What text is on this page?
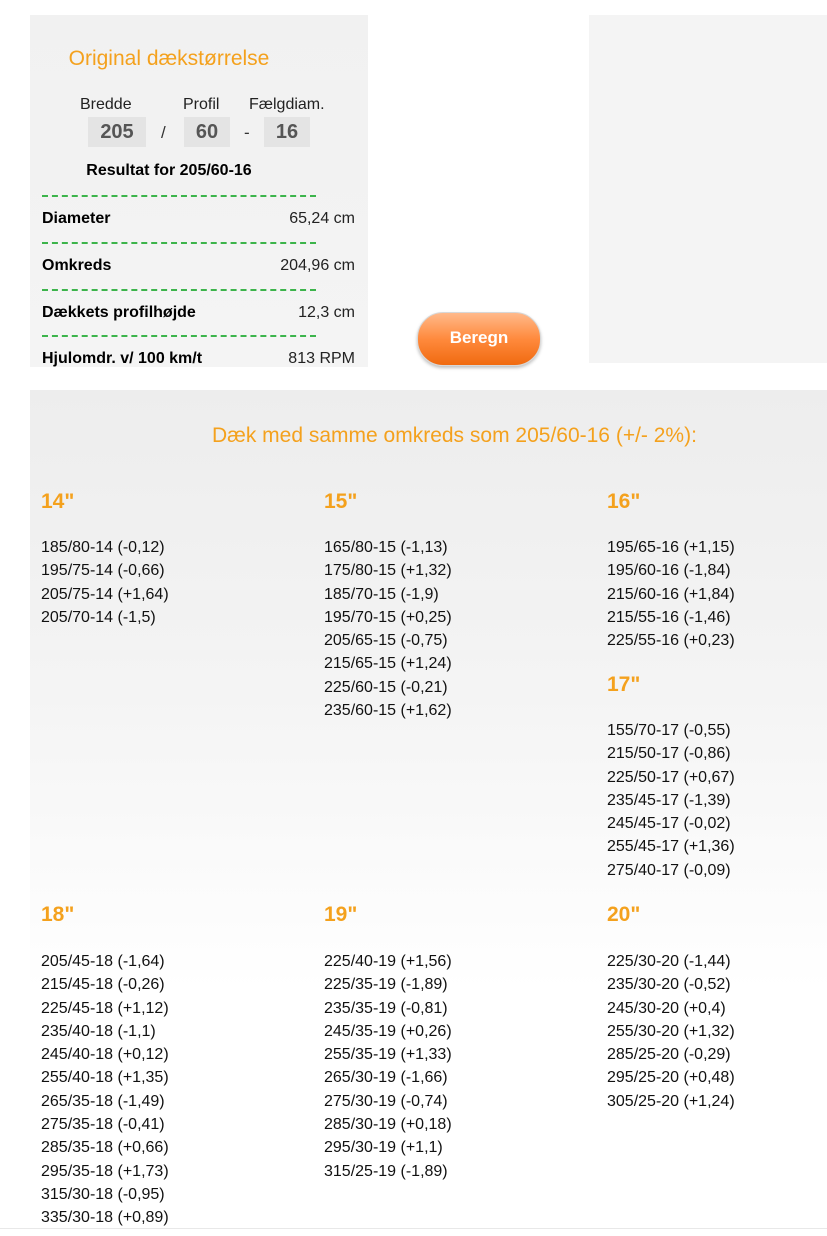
Original dækstørrelse
Bredde	Profil Fælgdiam.
205	/	60	-	16
Resultat for 205/60-16
Diameter	65,24 cm
Omkreds	204,96 cm
Dækkets profilhøjde	12,3 cm
Hjulomdr. v/ 100 km/t	813 RPM
Beregn
Dæk med samme omkreds som 205/60-16 (+/- 2%):
14"
185/80-14 (-0,12)
195/75-14 (-0,66)
205/75-14 (+1,64)
205/70-14 (-1,5)
15"
165/80-15 (-1,13)
175/80-15 (+1,32)
185/70-15 (-1,9)
195/70-15 (+0,25)
205/65-15 (-0,75)
215/65-15 (+1,24)
225/60-15 (-0,21)
235/60-15 (+1,62)
16"
195/65-16 (+1,15)
195/60-16 (-1,84)
215/60-16 (+1,84)
215/55-16 (-1,46)
225/55-16 (+0,23)
17"
155/70-17 (-0,55)
215/50-17 (-0,86)
225/50-17 (+0,67)
235/45-17 (-1,39)
245/45-17 (-0,02)
255/45-17 (+1,36)
275/40-17 (-0,09)
18"
205/45-18 (-1,64)
215/45-18 (-0,26)
225/45-18 (+1,12)
235/40-18 (-1,1)
245/40-18 (+0,12)
255/40-18 (+1,35)
265/35-18 (-1,49)
275/35-18 (-0,41)
285/35-18 (+0,66)
295/35-18 (+1,73)
315/30-18 (-0,95)
335/30-18 (+0,89)
19"
225/40-19 (+1,56)
225/35-19 (-1,89)
235/35-19 (-0,81)
245/35-19 (+0,26)
255/35-19 (+1,33)
265/30-19 (-1,66)
275/30-19 (-0,74)
285/30-19 (+0,18)
295/30-19 (+1,1)
315/25-19 (-1,89)
20"
225/30-20 (-1,44)
235/30-20 (-0,52)
245/30-20 (+0,4)
255/30-20 (+1,32)
285/25-20 (-0,29)
295/25-20 (+0,48)
305/25-20 (+1,24)
